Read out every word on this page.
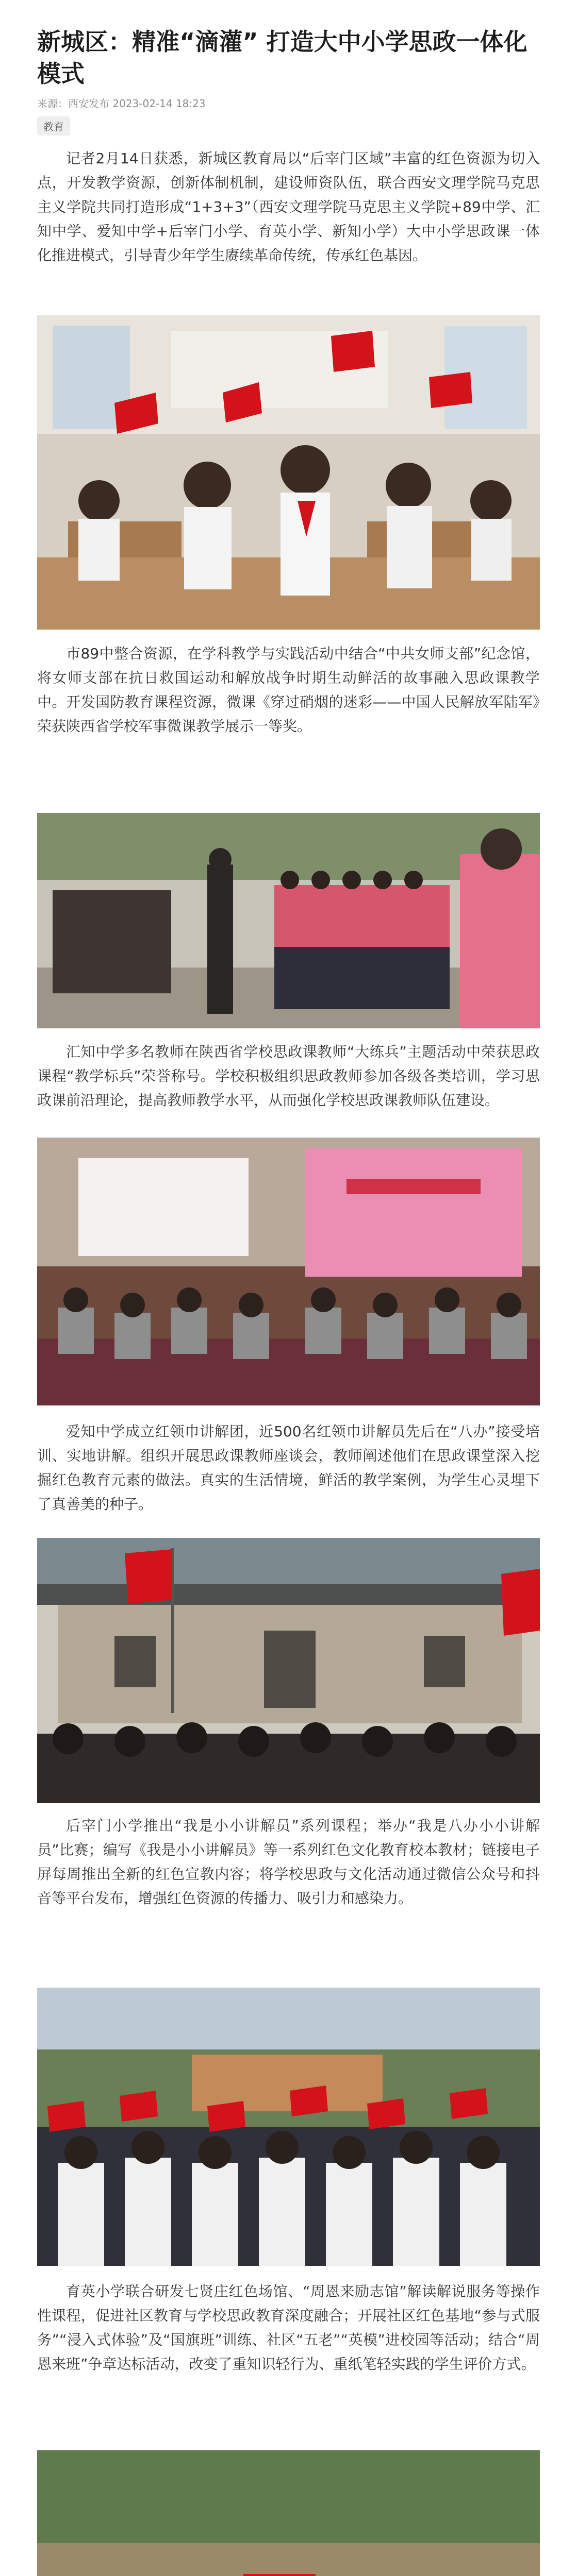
新城区：精准“滴灌” 打造大中小学思政一体化模式
来源：西安发布 2023-02-14 18:23
教育

记者2月14日获悉，新城区教育局以“后宰门区域”丰富的红色资源为切入点，开发教学资源，创新体制机制，建设师资队伍，联合西安文理学院马克思主义学院共同打造形成“1+3+3”（西安文理学院马克思主义学院+89中学、汇知中学、爱知中学+后宰门小学、育英小学、新知小学）大中小学思政课一体化推进模式，引导青少年学生赓续革命传统，传承红色基因。

市89中整合资源，在学科教学与实践活动中结合“中共女师支部”纪念馆，将女师支部在抗日救国运动和解放战争时期生动鲜活的故事融入思政课教学中。开发国防教育课程资源，微课《穿过硝烟的迷彩——中国人民解放军陆军》荣获陕西省学校军事微课教学展示一等奖。

汇知中学多名教师在陕西省学校思政课教师“大练兵”主题活动中荣获思政课程“教学标兵”荣誉称号。学校积极组织思政教师参加各级各类培训，学习思政课前沿理论，提高教师教学水平，从而强化学校思政课教师队伍建设。

爱知中学成立红领巾讲解团，近500名红领巾讲解员先后在“八办”接受培训、实地讲解。组织开展思政课教师座谈会，教师阐述他们在思政课堂深入挖掘红色教育元素的做法。真实的生活情境，鲜活的教学案例，为学生心灵埋下了真善美的种子。

后宰门小学推出“我是小小讲解员”系列课程；举办“我是八办小小讲解员”比赛；编写《我是小小讲解员》等一系列红色文化教育校本教材；链接电子屏每周推出全新的红色宣教内容；将学校思政与文化活动通过微信公众号和抖音等平台发布，增强红色资源的传播力、吸引力和感染力。

育英小学联合研发七贤庄红色场馆、“周恩来励志馆”解读解说服务等操作性课程，促进社区教育与学校思政教育深度融合；开展社区红色基地“参与式服务”“浸入式体验”及“国旗班”训练、社区“五老”“英模”进校园等活动；结合“周恩来班”争章达标活动，改变了重知识轻行为、重纸笔轻实践的学生评价方式。
